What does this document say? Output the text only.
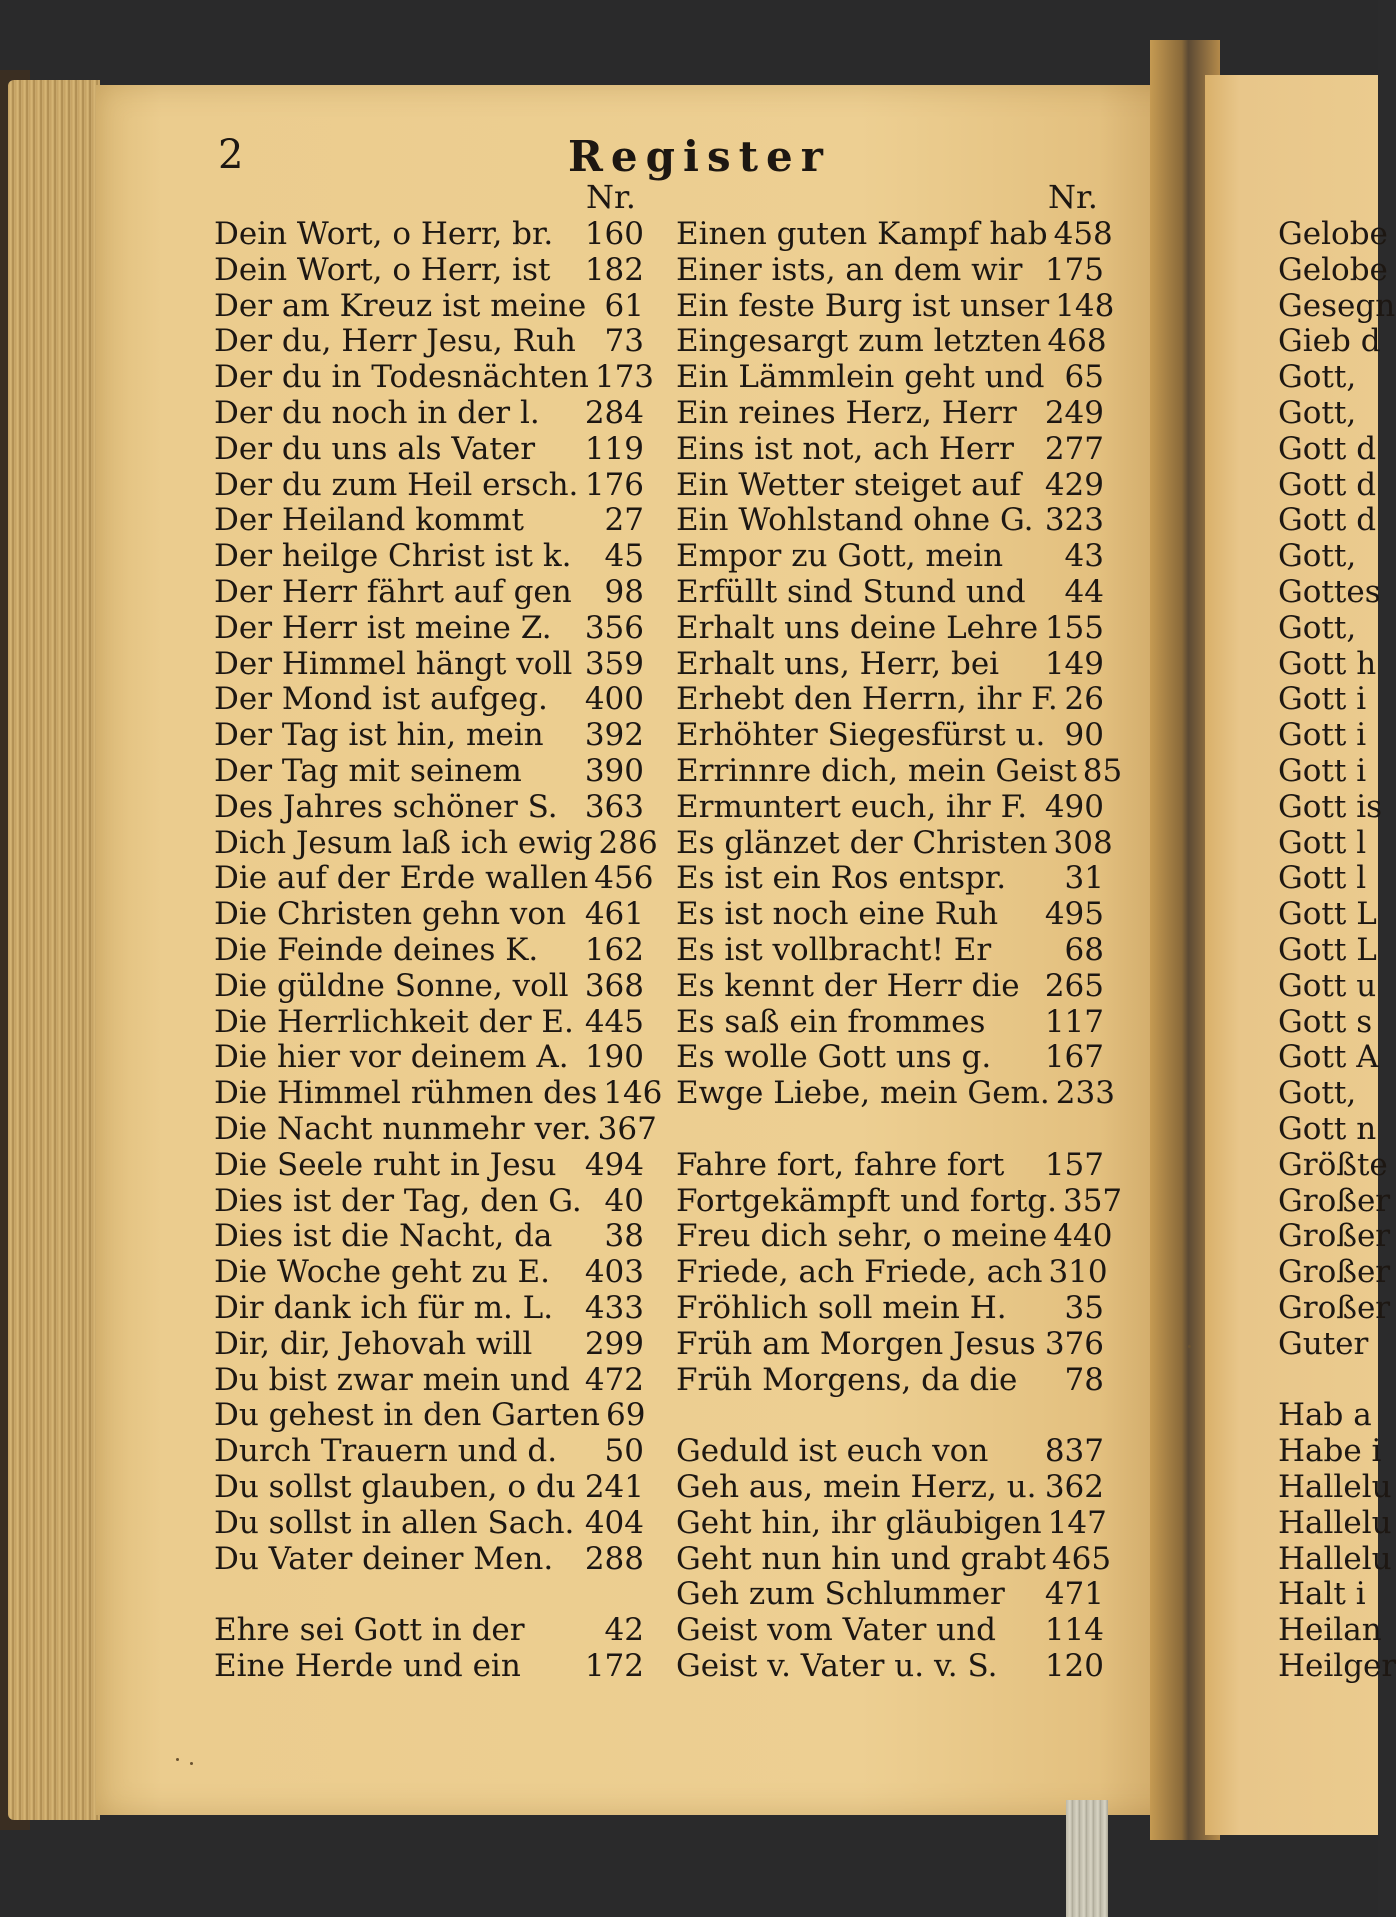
2	Register
Nr.	Nr.
Dein Wort, o Herr, br. 160
Dein Wort, o Herr, ist 182
Der am Kreuz ist meine 61
Der du, Herr Jesu, Ruh 73
Der du in Todesnächten 173
Der du noch in der l. 284
Der du uns als Vater 119
Der du zum Heil ersch. 176
Der Heiland kommt	27
Der heilge Christ ist k. 45
Der Herr fährt auf gen 98
Der Herr ist meine Z. 356
Der Himmel hängt voll 359
Der Mond ist aufgeg. 400
Der Tag ist hin, mein 392
Der Tag mit seinem 390
Des Jahres schöner S. 363
Dich Jesum laß ich ewig 286
Die auf der Erde wallen 456
Die Christen gehn von 461
Die Feinde deines K. 162
Die güldne Sonne, voll 368
Die Herrlichkeit der E. 445
Die hier vor deinem A. 190
Die Himmel rühmen des 146
Die Nacht nunmehr ver. 367
Die Seele ruht in Jesu 494
Dies ist der Tag, den G. 40
Dies ist die Nacht, da 38
Die Woche geht zu E. 403
Dir dank ich für m. L. 433
Dir, dir, Jehovah will 299
Du bist zwar mein und 472
Du gehest in den Garten 69
Durch Trauern und d. 50
Du sollst glauben, o du 241
Du sollst in allen Sach. 404
Du Vater deiner Men. 288
Ehre sei Gott in der	42
Eine Herde und ein 172
Einen guten Kampf hab 458
Einer ists, an dem wir 175
Ein feste Burg ist unser 148
Eingesargt zum letzten 468
Ein Lämmlein geht und 65
Ein reines Herz, Herr 249
Eins ist not, ach Herr 277
Ein Wetter steiget auf 429
Ein Wohlstand ohne G. 323
Empor zu Gott, mein 43
Erfüllt sind Stund und 44
Erhalt uns deine Lehre 155
Erhalt uns, Herr, bei 149
Erhebt den Herrn, ihr F. 26
Erhöhter Siegesfürst u. 90
Errinnre dich, mein Geist 85
Ermuntert euch, ihr F. 490
Es glänzet der Christen 308
Es ist ein Ros entspr. 31
Es ist noch eine Ruh 495
Es ist vollbracht! Er 68
Es kennt der Herr die 265
Es saß ein frommes 117
Es wolle Gott uns g. 167
Ewge Liebe, mein Gem. 233
Fahre fort, fahre fort 157
Fortgekämpft und fortg. 357
Freu dich sehr, o meine 440
Friede, ach Friede, ach 310
Fröhlich soll mein H. 35
Früh am Morgen Jesus 376
Früh Morgens, da die 78
Geduld ist euch von 837
Geh aus, mein Herz, u. 362
Geht hin, ihr gläubigen 147
Geht nun hin und grabt 465
Geh zum Schlummer 471
Geist vom Vater und 114
Geist v. Vater u. v. S. 120
Gelobe
Gelobe
Gesegn
Gieb d
Gott,
Gott,
Gott d
Gott d
Gott d
Gott,
Gottes
Gott,
Gott h
Gott i
Gott i
Gott i
Gott is
Gott l
Gott l
Gott L
Gott L
Gott u
Gott s
Gott A
Gott,
Gott n
Größte
Großer
Großer
Großer
Großer
Guter
Hab a
Habe i
Hallelu
Hallelu
Hallelu
Halt i
Heilan
Heilger
